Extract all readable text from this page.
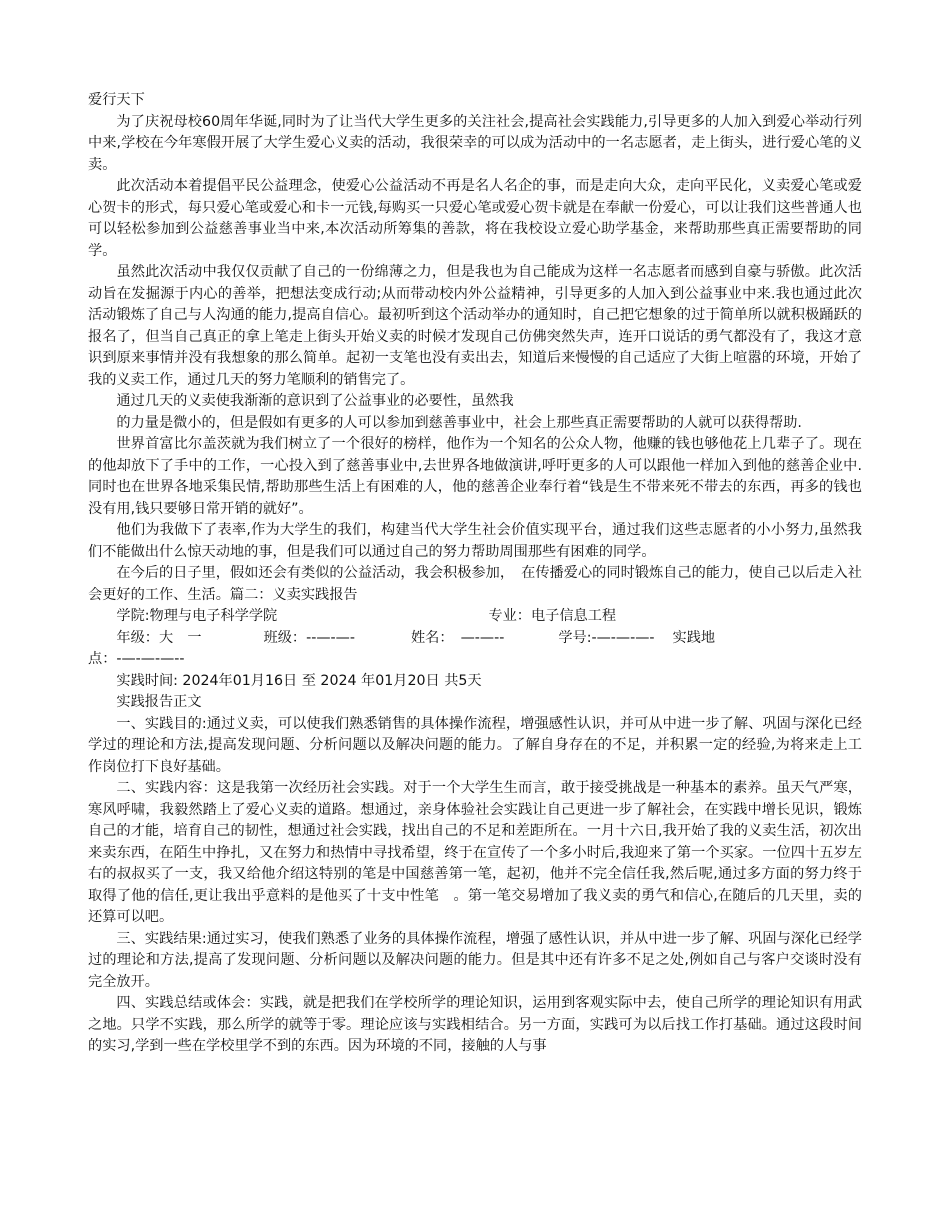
爱行天下

为了庆祝母校60周年华诞,同时为了让当代大学生更多的关注社会,提高社会实践能力,引导更多的人加入到爱心举动行列中来,学校在今年寒假开展了大学生爱心义卖的活动，我很荣幸的可以成为活动中的一名志愿者，走上街头，进行爱心笔的义卖。

此次活动本着提倡平民公益理念，使爱心公益活动不再是名人名企的事，而是走向大众，走向平民化，义卖爱心笔或爱心贺卡的形式，每只爱心笔或爱心和卡一元钱,每购买一只爱心笔或爱心贺卡就是在奉献一份爱心，可以让我们这些普通人也可以轻松参加到公益慈善事业当中来,本次活动所筹集的善款，将在我校设立爱心助学基金，来帮助那些真正需要帮助的同学。

虽然此次活动中我仅仅贡献了自己的一份绵薄之力，但是我也为自己能成为这样一名志愿者而感到自豪与骄傲。此次活动旨在发掘源于内心的善举，把想法变成行动;从而带动校内外公益精神，引导更多的人加入到公益事业中来.我也通过此次活动锻炼了自己与人沟通的能力,提高自信心。最初听到这个活动举办的通知时，自己把它想象的过于简单所以就积极踊跃的报名了，但当自己真正的拿上笔走上街头开始义卖的时候才发现自己仿佛突然失声，连开口说话的勇气都没有了，我这才意识到原来事情并没有我想象的那么简单。起初一支笔也没有卖出去，知道后来慢慢的自己适应了大街上喧嚣的环境，开始了我的义卖工作，通过几天的努力笔顺利的销售完了。

通过几天的义卖使我渐渐的意识到了公益事业的必要性，虽然我

的力量是微小的，但是假如有更多的人可以参加到慈善事业中，社会上那些真正需要帮助的人就可以获得帮助.

世界首富比尔盖茨就为我们树立了一个很好的榜样，他作为一个知名的公众人物，他赚的钱也够他花上几辈子了。现在的他却放下了手中的工作，一心投入到了慈善事业中,去世界各地做演讲,呼吁更多的人可以跟他一样加入到他的慈善企业中.同时也在世界各地采集民情,帮助那些生活上有困难的人，他的慈善企业奉行着“钱是生不带来死不带去的东西，再多的钱也没有用,钱只要够日常开销的就好”。

他们为我做下了表率,作为大学生的我们，构建当代大学生社会价值实现平台，通过我们这些志愿者的小小努力,虽然我们不能做出什么惊天动地的事，但是我们可以通过自己的努力帮助周围那些有困难的同学。

在今后的日子里，假如还会有类似的公益活动，我会积极参加，　在传播爱心的同时锻炼自己的能力，使自己以后走入社会更好的工作、生活。篇二：义卖实践报告

学院:物理与电子科学学院	专业：电子信息工程
年级：大　一	班级：--—-—-	姓名：　—-—--	学号:-—-—-—- 实践地

点：-—-—-—--

实践时间: 2024年01月16日 至 2024 年01月20日 共5天

实践报告正文

一、实践目的:通过义卖，可以使我们熟悉销售的具体操作流程，增强感性认识，并可从中进一步了解、巩固与深化已经学过的理论和方法,提高发现问题、分析问题以及解决问题的能力。了解自身存在的不足，并积累一定的经验,为将来走上工作岗位打下良好基础。

二、实践内容：这是我第一次经历社会实践。对于一个大学生生而言，敢于接受挑战是一种基本的素养。虽天气严寒，寒风呼啸，我毅然踏上了爱心义卖的道路。想通过，亲身体验社会实践让自己更进一步了解社会，在实践中增长见识，锻炼自己的才能，培育自己的韧性，想通过社会实践，找出自己的不足和差距所在。一月十六日,我开始了我的义卖生活，初次出来卖东西，在陌生中挣扎，又在努力和热情中寻找希望，终于在宣传了一个多小时后,我迎来了第一个买家。一位四十五岁左右的叔叔买了一支，我又给他介绍这特别的笔是中国慈善第一笔，起初，他并不完全信任我,然后呢,通过多方面的努力终于取得了他的信任,更让我出乎意料的是他买了十支中性笔　。第一笔交易增加了我义卖的勇气和信心,在随后的几天里，卖的还算可以吧。

三、实践结果:通过实习，使我们熟悉了业务的具体操作流程，增强了感性认识，并从中进一步了解、巩固与深化已经学过的理论和方法,提高了发现问题、分析问题以及解决问题的能力。但是其中还有许多不足之处,例如自己与客户交谈时没有完全放开。

四、实践总结或体会：实践，就是把我们在学校所学的理论知识，运用到客观实际中去，使自己所学的理论知识有用武之地。只学不实践，那么所学的就等于零。理论应该与实践相结合。另一方面，实践可为以后找工作打基础。通过这段时间的实习,学到一些在学校里学不到的东西。因为环境的不同，接触的人与事
